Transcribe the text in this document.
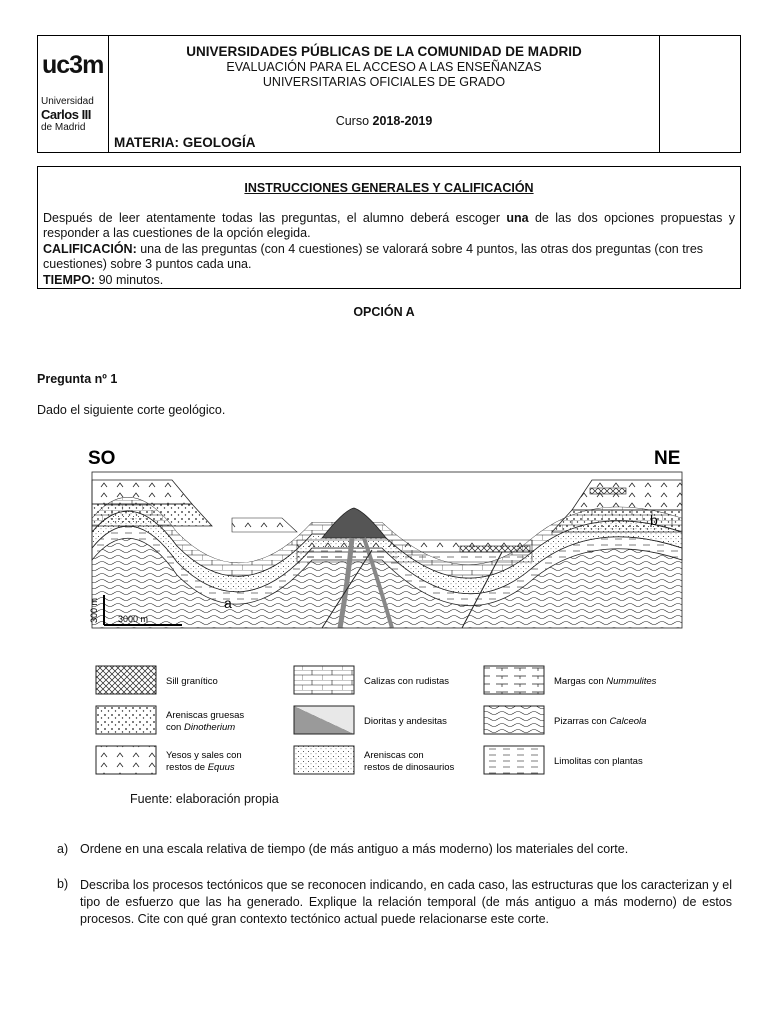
uc3m
Universidad
Carlos III
de Madrid
UNIVERSIDADES PÚBLICAS DE LA COMUNIDAD DE MADRID
EVALUACIÓN PARA EL ACCESO A LAS ENSEÑANZAS
UNIVERSITARIAS OFICIALES DE GRADO
Curso 2018-2019
MATERIA: GEOLOGÍA
INSTRUCCIONES GENERALES Y CALIFICACIÓN
Después de leer atentamente todas las preguntas, el alumno deberá escoger una de las dos opciones propuestas y responder a las cuestiones de la opción elegida.
CALIFICACIÓN: una de las preguntas (con 4 cuestiones) se valorará sobre 4 puntos, las otras dos preguntas (con tres cuestiones) sobre 3 puntos cada una.
TIEMPO: 90 minutos.
OPCIÓN A
Pregunta nº 1
Dado el siguiente corte geológico.
SO	NE
a
b
300 m 3000 m
Sill granítico
Areniscas gruesas
con Dinotherium
Yesos y sales con
restos de Equus
Calizas con rudistas
Dioritas y andesitas
Areniscas con
restos de dinosaurios
Margas con Nummulites
Pizarras con Calceola
Limolitas con plantas
Fuente: elaboración propia
a) Ordene en una escala relativa de tiempo (de más antiguo a más moderno) los materiales del corte.
b) Describa los procesos tectónicos que se reconocen indicando, en cada caso, las estructuras que los caracterizan y el tipo de esfuerzo que las ha generado. Explique la relación temporal (de más antiguo a más moderno) de estos procesos. Cite con qué gran contexto tectónico actual puede relacionarse este corte.
